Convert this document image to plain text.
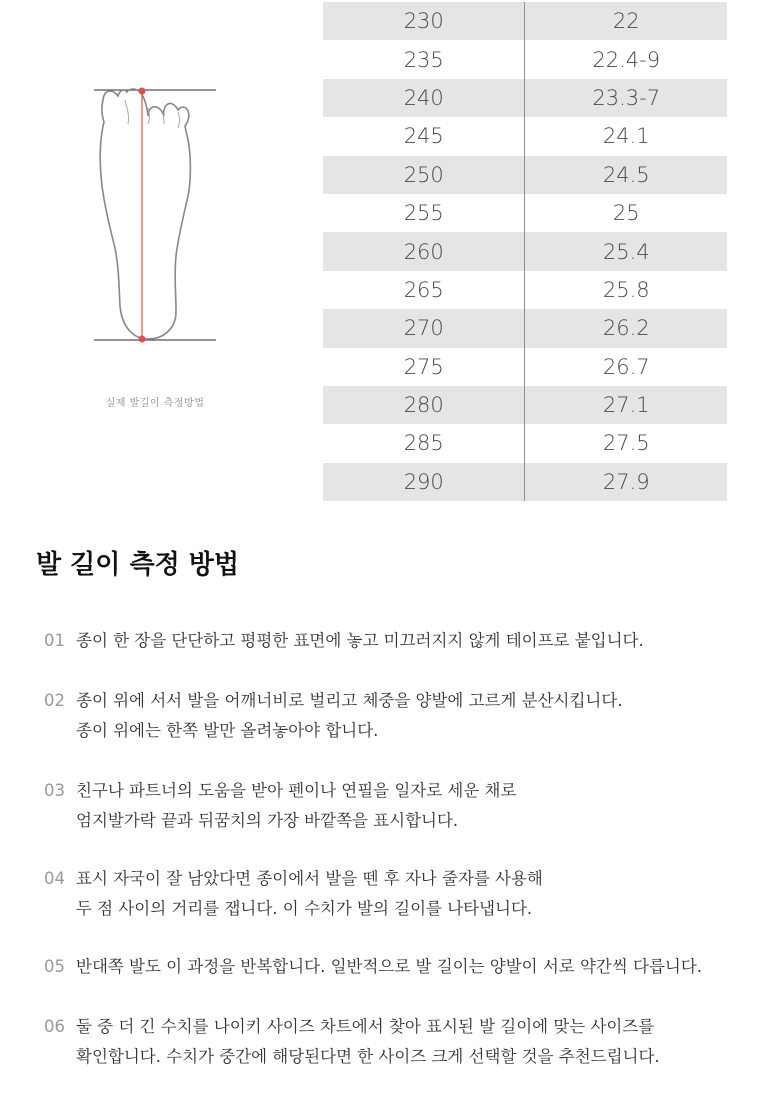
실제 발길이 측정방법
230	22
235	22.4-9
240	23.3-7
245	24.1
250	24.5
255	25
260	25.4
265	25.8
270	26.2
275	26.7
280	27.1
285	27.5
290	27.9
발 길이 측정 방법
01 종이 한 장을 단단하고 평평한 표면에 놓고 미끄러지지 않게 테이프로 붙입니다.
02 종이 위에 서서 발을 어깨너비로 벌리고 체중을 양발에 고르게 분산시킵니다.
종이 위에는 한쪽 발만 올려놓아야 합니다.
03 친구나 파트너의 도움을 받아 펜이나 연필을 일자로 세운 채로
엄지발가락 끝과 뒤꿈치의 가장 바깥쪽을 표시합니다.
04 표시 자국이 잘 남았다면 종이에서 발을 뗀 후 자나 줄자를 사용해
두 점 사이의 거리를 잽니다. 이 수치가 발의 길이를 나타냅니다.
05 반대쪽 발도 이 과정을 반복합니다. 일반적으로 발 길이는 양발이 서로 약간씩 다릅니다.
06 둘 중 더 긴 수치를 나이키 사이즈 차트에서 찾아 표시된 발 길이에 맞는 사이즈를
확인합니다. 수치가 중간에 해당된다면 한 사이즈 크게 선택할 것을 추천드립니다.
